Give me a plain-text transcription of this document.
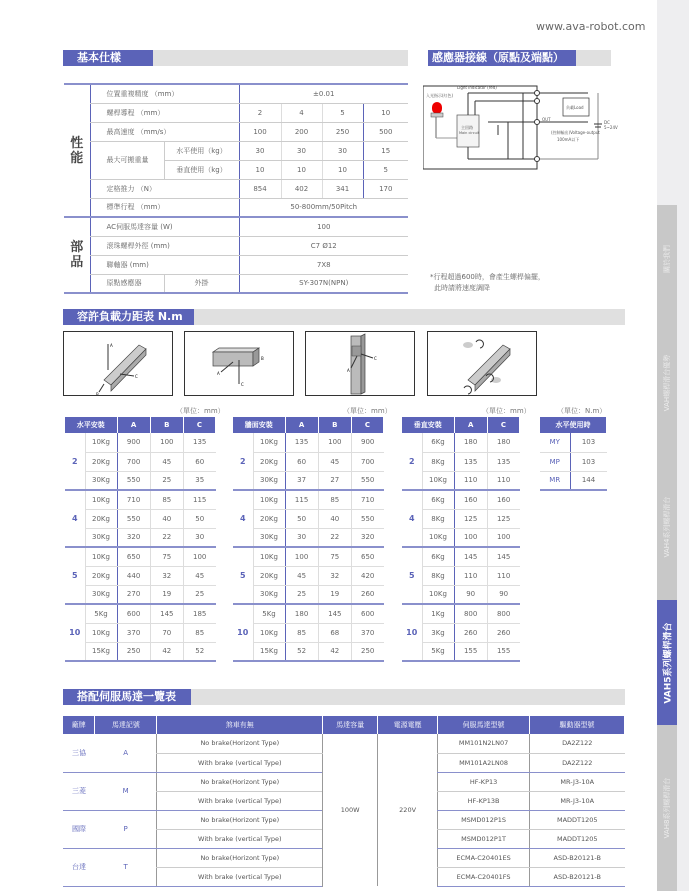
www.ava-robot.com
基本仕樣
性能	位置重複精度 （mm）		±0.01			
	螺桿導程 （mm）		2	4	5	10
	最高速度 （mm/s）		100	200	250	500
	最大可搬重量	水平使用（kg）	30	30	30	15
		垂直使用（kg）	10	10	10	5
	定格推力 （N）		854	402	341	170
	標準行程 （mm）		50-800mm/50Pitch			
部品	AC伺服馬達容量 (W)		100			
	滾珠螺桿外徑 (mm)		C7 Ø12			
	聯軸器 (mm)		7X8			
	原點感應器	外掛	SY-307N(NPN)			
感應器接線（原點及端點）
Light indicator (red)
入光指示(紅色)
主回路
Main circuit
負載Load
OUT
DC
5~24V
(控制輸出)Voltage-output
100mA以下
*行程超過600時，會產生螺桿偏擺，
此時請將速度調降
容許負載力距表 N.m
A
C
B
C
A
B
A
C
（單位：mm）	（單位：mm）	（單位：mm）	（單位：N.m）
水平安裝		A	B	C
2	10Kg	900	100	135
	20Kg	700	45	60
	30Kg	550	25	35
4	10Kg	710	85	115
	20Kg	550	40	50
	30Kg	320	22	30
5	10Kg	650	75	100
	20Kg	440	32	45
	30Kg	270	19	25
10	5Kg	600	145	185
	10Kg	370	70	85
	15Kg	250	42	52
牆面安裝		A	B	C
2	10Kg	135	100	900
	20Kg	60	45	700
	30Kg	37	27	550
4	10Kg	115	85	710
	20Kg	50	40	550
	30Kg	30	22	320
5	10Kg	100	75	650
	20Kg	45	32	420
	30Kg	25	19	260
10	5Kg	180	145	600
	10Kg	85	68	370
	15Kg	52	42	250
垂直安裝		A	C
2	6Kg	180	180
	8Kg	135	135
	10Kg	110	110
4	6Kg	160	160
	8Kg	125	125
	10Kg	100	100
5	6Kg	145	145
	8Kg	110	110
	10Kg	90	90
10	1Kg	800	800
	3Kg	260	260
	5Kg	155	155
水平使用時	
MY	103
MP	103
MR	144
搭配伺服馬達一覽表
廠牌	馬達記號	煞車有無	馬達容量	電源電壓	伺服馬達型號	驅動器型號
三協	A	No brake(Horizont Type)	100W	220V	MM101N2LN07	DA2Z122
		With brake (vertical Type)			MM101A2LN08	DA2Z122
三菱	M	No brake(Horizont Type)			HF-KP13	MR-J3-10A
		With brake (vertical Type)			HF-KP13B	MR-J3-10A
國際	P	No brake(Horizont Type)			MSMD012P1S	MADDT1205
		With brake (vertical Type)			MSMD012P1T	MADDT1205
台達	T	No brake(Horizont Type)			ECMA-C20401ES	ASD-B20121-B
		With brake (vertical Type)			ECMA-C20401FS	ASD-B20121-B
關於我們
VAH螺桿滑台優勢
VAH4系列螺桿滑台
VAH5系列螺桿滑台
VAH8系列螺桿滑台
